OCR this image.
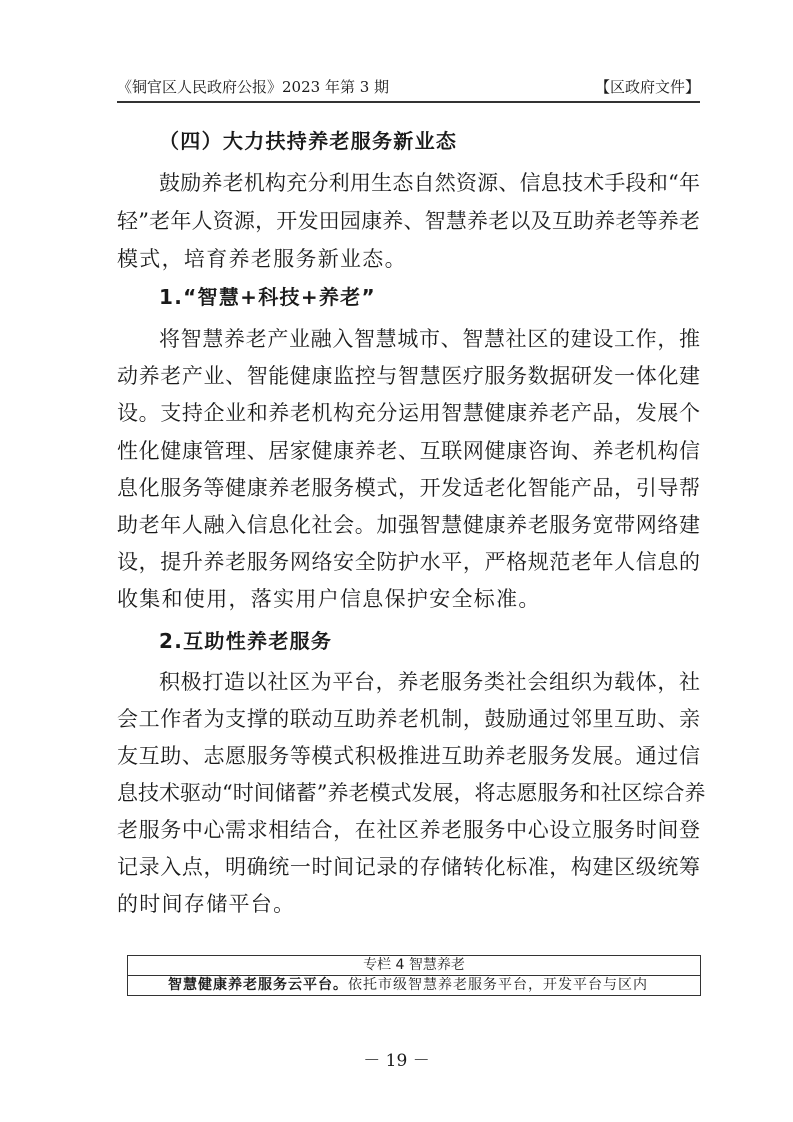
《铜官区人民政府公报》2023 年第 3 期	【区政府文件】
（四）大力扶持养老服务新业态
鼓励养老机构充分利用生态自然资源、信息技术手段和“年
轻”老年人资源，开发田园康养、智慧养老以及互助养老等养老
模式，培育养老服务新业态。
1.“智慧+科技+养老”
将智慧养老产业融入智慧城市、智慧社区的建设工作，推
动养老产业、智能健康监控与智慧医疗服务数据研发一体化建
设。支持企业和养老机构充分运用智慧健康养老产品，发展个
性化健康管理、居家健康养老、互联网健康咨询、养老机构信
息化服务等健康养老服务模式，开发适老化智能产品，引导帮
助老年人融入信息化社会。加强智慧健康养老服务宽带网络建
设，提升养老服务网络安全防护水平，严格规范老年人信息的
收集和使用，落实用户信息保护安全标准。
2.互助性养老服务
积极打造以社区为平台，养老服务类社会组织为载体，社
会工作者为支撑的联动互助养老机制，鼓励通过邻里互助、亲
友互助、志愿服务等模式积极推进互助养老服务发展。通过信
息技术驱动“时间储蓄”养老模式发展，将志愿服务和社区综合养
老服务中心需求相结合，在社区养老服务中心设立服务时间登
记录入点，明确统一时间记录的存储转化标准，构建区级统筹
的时间存储平台。
专栏 4 智慧养老
智慧健康养老服务云平台。依托市级智慧养老服务平台，开发平台与区内
－ 19 －
